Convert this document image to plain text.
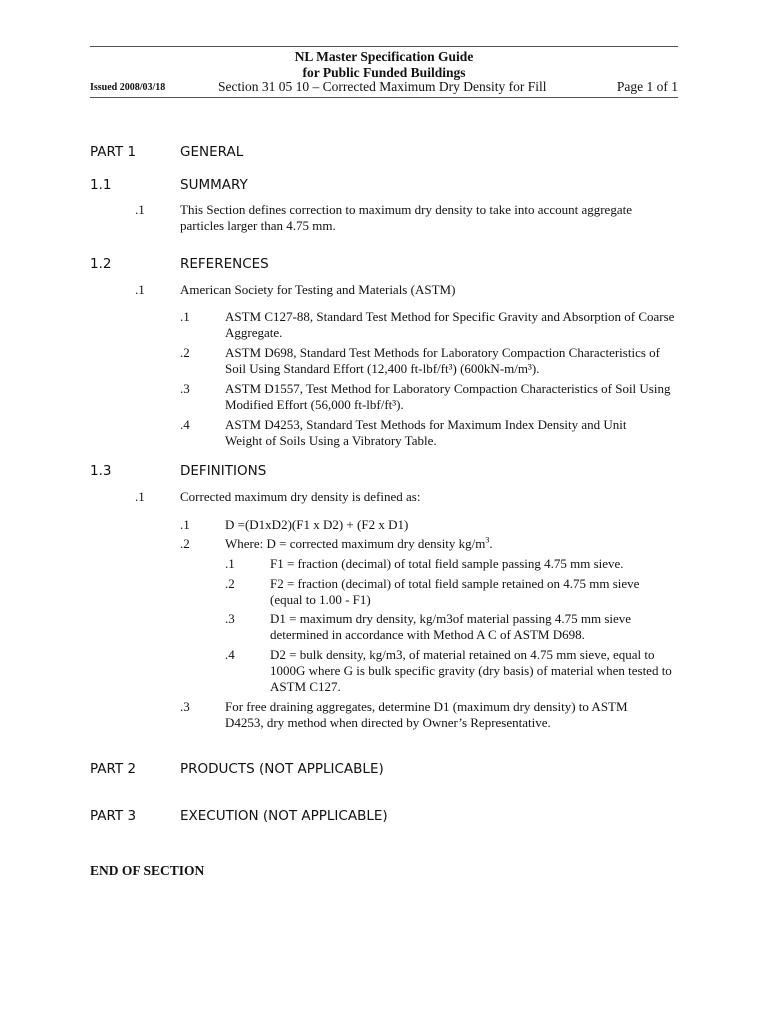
NL Master Specification Guide
for Public Funded Buildings
Issued 2008/03/18	Section 31 05 10 – Corrected Maximum Dry Density for Fill	Page 1 of 1
PART 1	GENERAL
1.1	SUMMARY
.1	This Section defines correction to maximum dry density to take into account aggregate particles larger than 4.75 mm.
1.2	REFERENCES
.1	American Society for Testing and Materials (ASTM)
.1	ASTM C127-88, Standard Test Method for Specific Gravity and Absorption of Coarse Aggregate.
.2	ASTM D698, Standard Test Methods for Laboratory Compaction Characteristics of Soil Using Standard Effort (12,400 ft-lbf/ft³) (600kN-m/m³).
.3	ASTM D1557, Test Method for Laboratory Compaction Characteristics of Soil Using Modified Effort (56,000 ft-lbf/ft³).
.4	ASTM D4253, Standard Test Methods for Maximum Index Density and Unit Weight of Soils Using a Vibratory Table.
1.3	DEFINITIONS
.1	Corrected maximum dry density is defined as:
.1	D =(D1xD2)(F1 x D2) + (F2 x D1)
.2	Where: D = corrected maximum dry density $kg/m^3$.
.1	F1 = fraction (decimal) of total field sample passing 4.75 mm sieve.
.2	F2 = fraction (decimal) of total field sample retained on 4.75 mm sieve (equal to 1.00 - F1)
.3	D1 = maximum dry density, kg/m3of material passing 4.75 mm sieve determined in accordance with Method A C of ASTM D698.
.4	D2 = bulk density, kg/m3, of material retained on 4.75 mm sieve, equal to 1000G where G is bulk specific gravity (dry basis) of material when tested to ASTM C127.
.3	For free draining aggregates, determine D1 (maximum dry density) to ASTM D4253, dry method when directed by Owner’s Representative.
PART 2	PRODUCTS (NOT APPLICABLE)
PART 3	EXECUTION (NOT APPLICABLE)
END OF SECTION
